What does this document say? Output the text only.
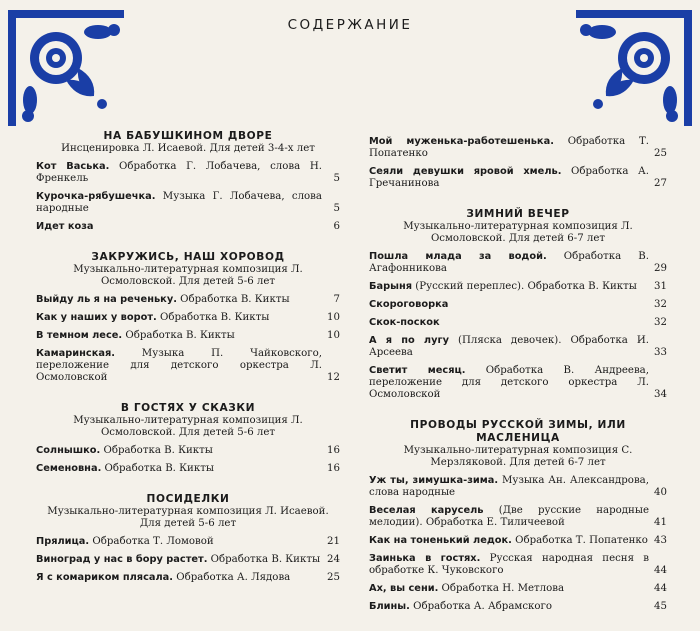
СОДЕРЖАНИЕ
НА БАБУШКИНОМ ДВОРЕ
Инсценировка Л. Исаевой. Для детей 3-4-х лет
Кот Васька. Обработка Г. Лобачева, слова Н. Френкель	5
Курочка-рябушечка. Музыка Г. Лобачева, слова народные	5
Идет коза	6
ЗАКРУЖИСЬ, НАШ ХОРОВОД
Музыкально-литературная композиция Л. Осмоловской. Для детей 5-6 лет
Выйду ль я на реченьку. Обработка В. Кикты	7
Как у наших у ворот. Обработка В. Кикты	10
В темном лесе. Обработка В. Кикты	10
Камаринская. Музыка П. Чайковского, переложение для детского оркестра Л. Осмоловской	12
В ГОСТЯХ У СКАЗКИ
Музыкально-литературная композиция Л. Осмоловской. Для детей 5-6 лет
Солнышко. Обработка В. Кикты	16
Семеновна. Обработка В. Кикты	16
ПОСИДЕЛКИ
Музыкально-литературная композиция Л. Исаевой. Для детей 5-6 лет
Прялица. Обработка Т. Ломовой	21
Виноград у нас в бору растет. Обработка В. Кикты 24
Я с комариком плясала. Обработка А. Лядова	25
Мой муженька-работешенька. Обработка Т. Попатенко	25
Сеяли девушки яровой хмель. Обработка А. Гречанинова	27
ЗИМНИЙ ВЕЧЕР
Музыкально-литературная композиция Л. Осмоловской. Для детей 6-7 лет
Пошла млада за водой. Обработка В. Агафонникова	29
Барыня (Русский переплес). Обработка В. Кикты	31
Скороговорка	32
Скок-поскок	32
А я по лугу (Пляска девочек). Обработка И. Арсеева	33
Светит месяц. Обработка В. Андреева, переложение для детского оркестра Л. Осмоловской	34
ПРОВОДЫ РУССКОЙ ЗИМЫ, ИЛИ МАСЛЕНИЦА
Музыкально-литературная композиция С. Мерзляковой. Для детей 6-7 лет
Уж ты, зимушка-зима. Музыка Ан. Александрова, слова народные	40
Веселая карусель (Две русские народные мелодии). Обработка Е. Тиличеевой	41
Как на тоненький ледок. Обработка Т. Попатенко 43
Заинька в гостях. Русская народная песня в обработке К. Чуковского	44
Ах, вы сени. Обработка Н. Метлова	44
Блины. Обработка А. Абрамского	45
